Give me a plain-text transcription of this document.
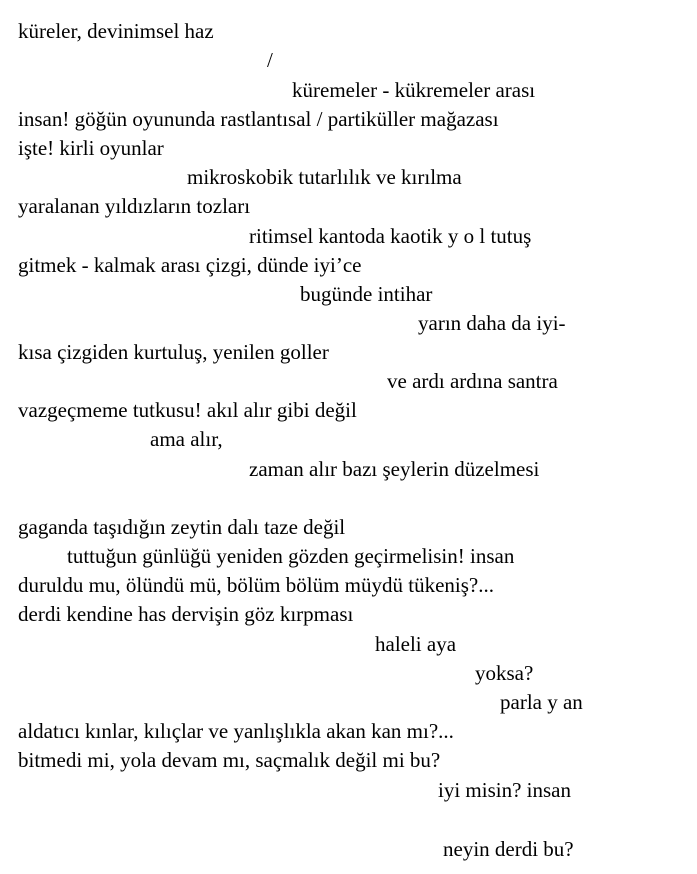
küreler, devinimsel haz
/
küremeler - kükremeler arası
insan! göğün oyununda rastlantısal / partiküller mağazası
işte! kirli oyunlar
mikroskobik tutarlılık ve kırılma
yaralanan yıldızların tozları
ritimsel kantoda kaotik y o l tutuş
gitmek - kalmak arası çizgi, dünde iyi’ce
bugünde intihar
yarın daha da iyi-
kısa çizgiden kurtuluş, yenilen goller
ve ardı ardına santra
vazgeçmeme tutkusu! akıl alır gibi değil
ama alır,
zaman alır bazı şeylerin düzelmesi
gaganda taşıdığın zeytin dalı taze değil
tuttuğun günlüğü yeniden gözden geçirmelisin! insan
duruldu mu, ölündü mü, bölüm bölüm müydü tükeniş?...
derdi kendine has dervişin göz kırpması
haleli aya
yoksa?
parla y an
aldatıcı kınlar, kılıçlar ve yanlışlıkla akan kan mı?...
bitmedi mi, yola devam mı, saçmalık değil mi bu?
iyi misin? insan
neyin derdi bu?
